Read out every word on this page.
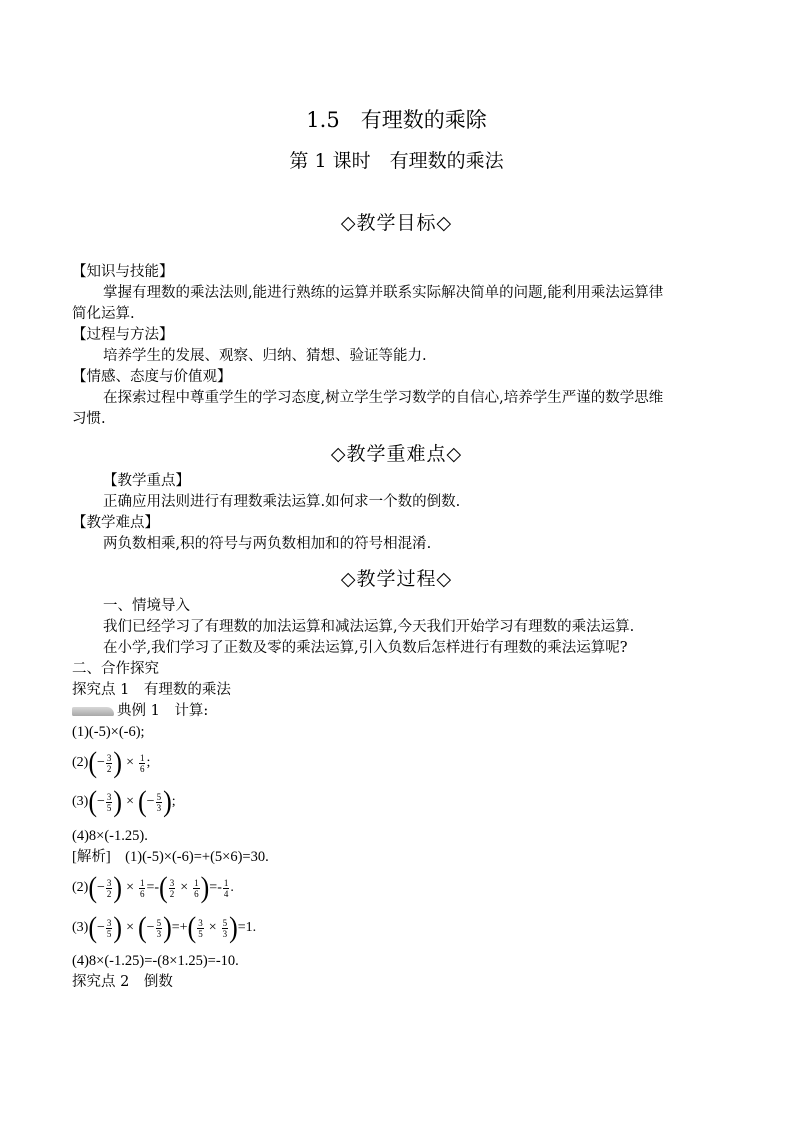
1.5　有理数的乘除
第 1 课时　有理数的乘法
◇教学目标◇
【知识与技能】
掌握有理数的乘法法则,能进行熟练的运算并联系实际解决简单的问题,能利用乘法运算律
简化运算.
【过程与方法】
培养学生的发展、观察、归纳、猜想、验证等能力.
【情感、态度与价值观】
在探索过程中尊重学生的学习态度,树立学生学习数学的自信心,培养学生严谨的数学思维
习惯.
◇教学重难点◇
【教学重点】
正确应用法则进行有理数乘法运算.如何求一个数的倒数.
【教学难点】
两负数相乘,积的符号与两负数相加和的符号相混淆.
◇教学过程◇
一、情境导入
我们已经学习了有理数的加法运算和减法运算,今天我们开始学习有理数的乘法运算.
在小学,我们学习了正数及零的乘法运算,引入负数后怎样进行有理数的乘法运算呢?
二、合作探究
探究点 1　有理数的乘法
典例 1　计算:
(1)(-5)×(-6);
(2) ( − $\frac{3}{2}$ ) × $\frac{1}{6}$ ;
(3) ( − $\frac{3}{5}$ ) × ( − $\frac{5}{3}$ ) ;
(4)8×(-1.25).
[解析]　(1)(-5)×(-6)=+(5×6)=30.
(2) ( − $\frac{3}{2}$ ) × $\frac{1}{6}$ =- ( $\frac{3}{2} \times \frac{1}{6}$ ) =- $\frac{1}{4}$ .
(3) ( − $\frac{3}{5}$ ) × ( − $\frac{5}{3}$ ) =+ ( $\frac{3}{5} \times \frac{5}{3}$ ) =1.
(4)8×(-1.25)=-(8×1.25)=-10.
探究点 2　倒数
